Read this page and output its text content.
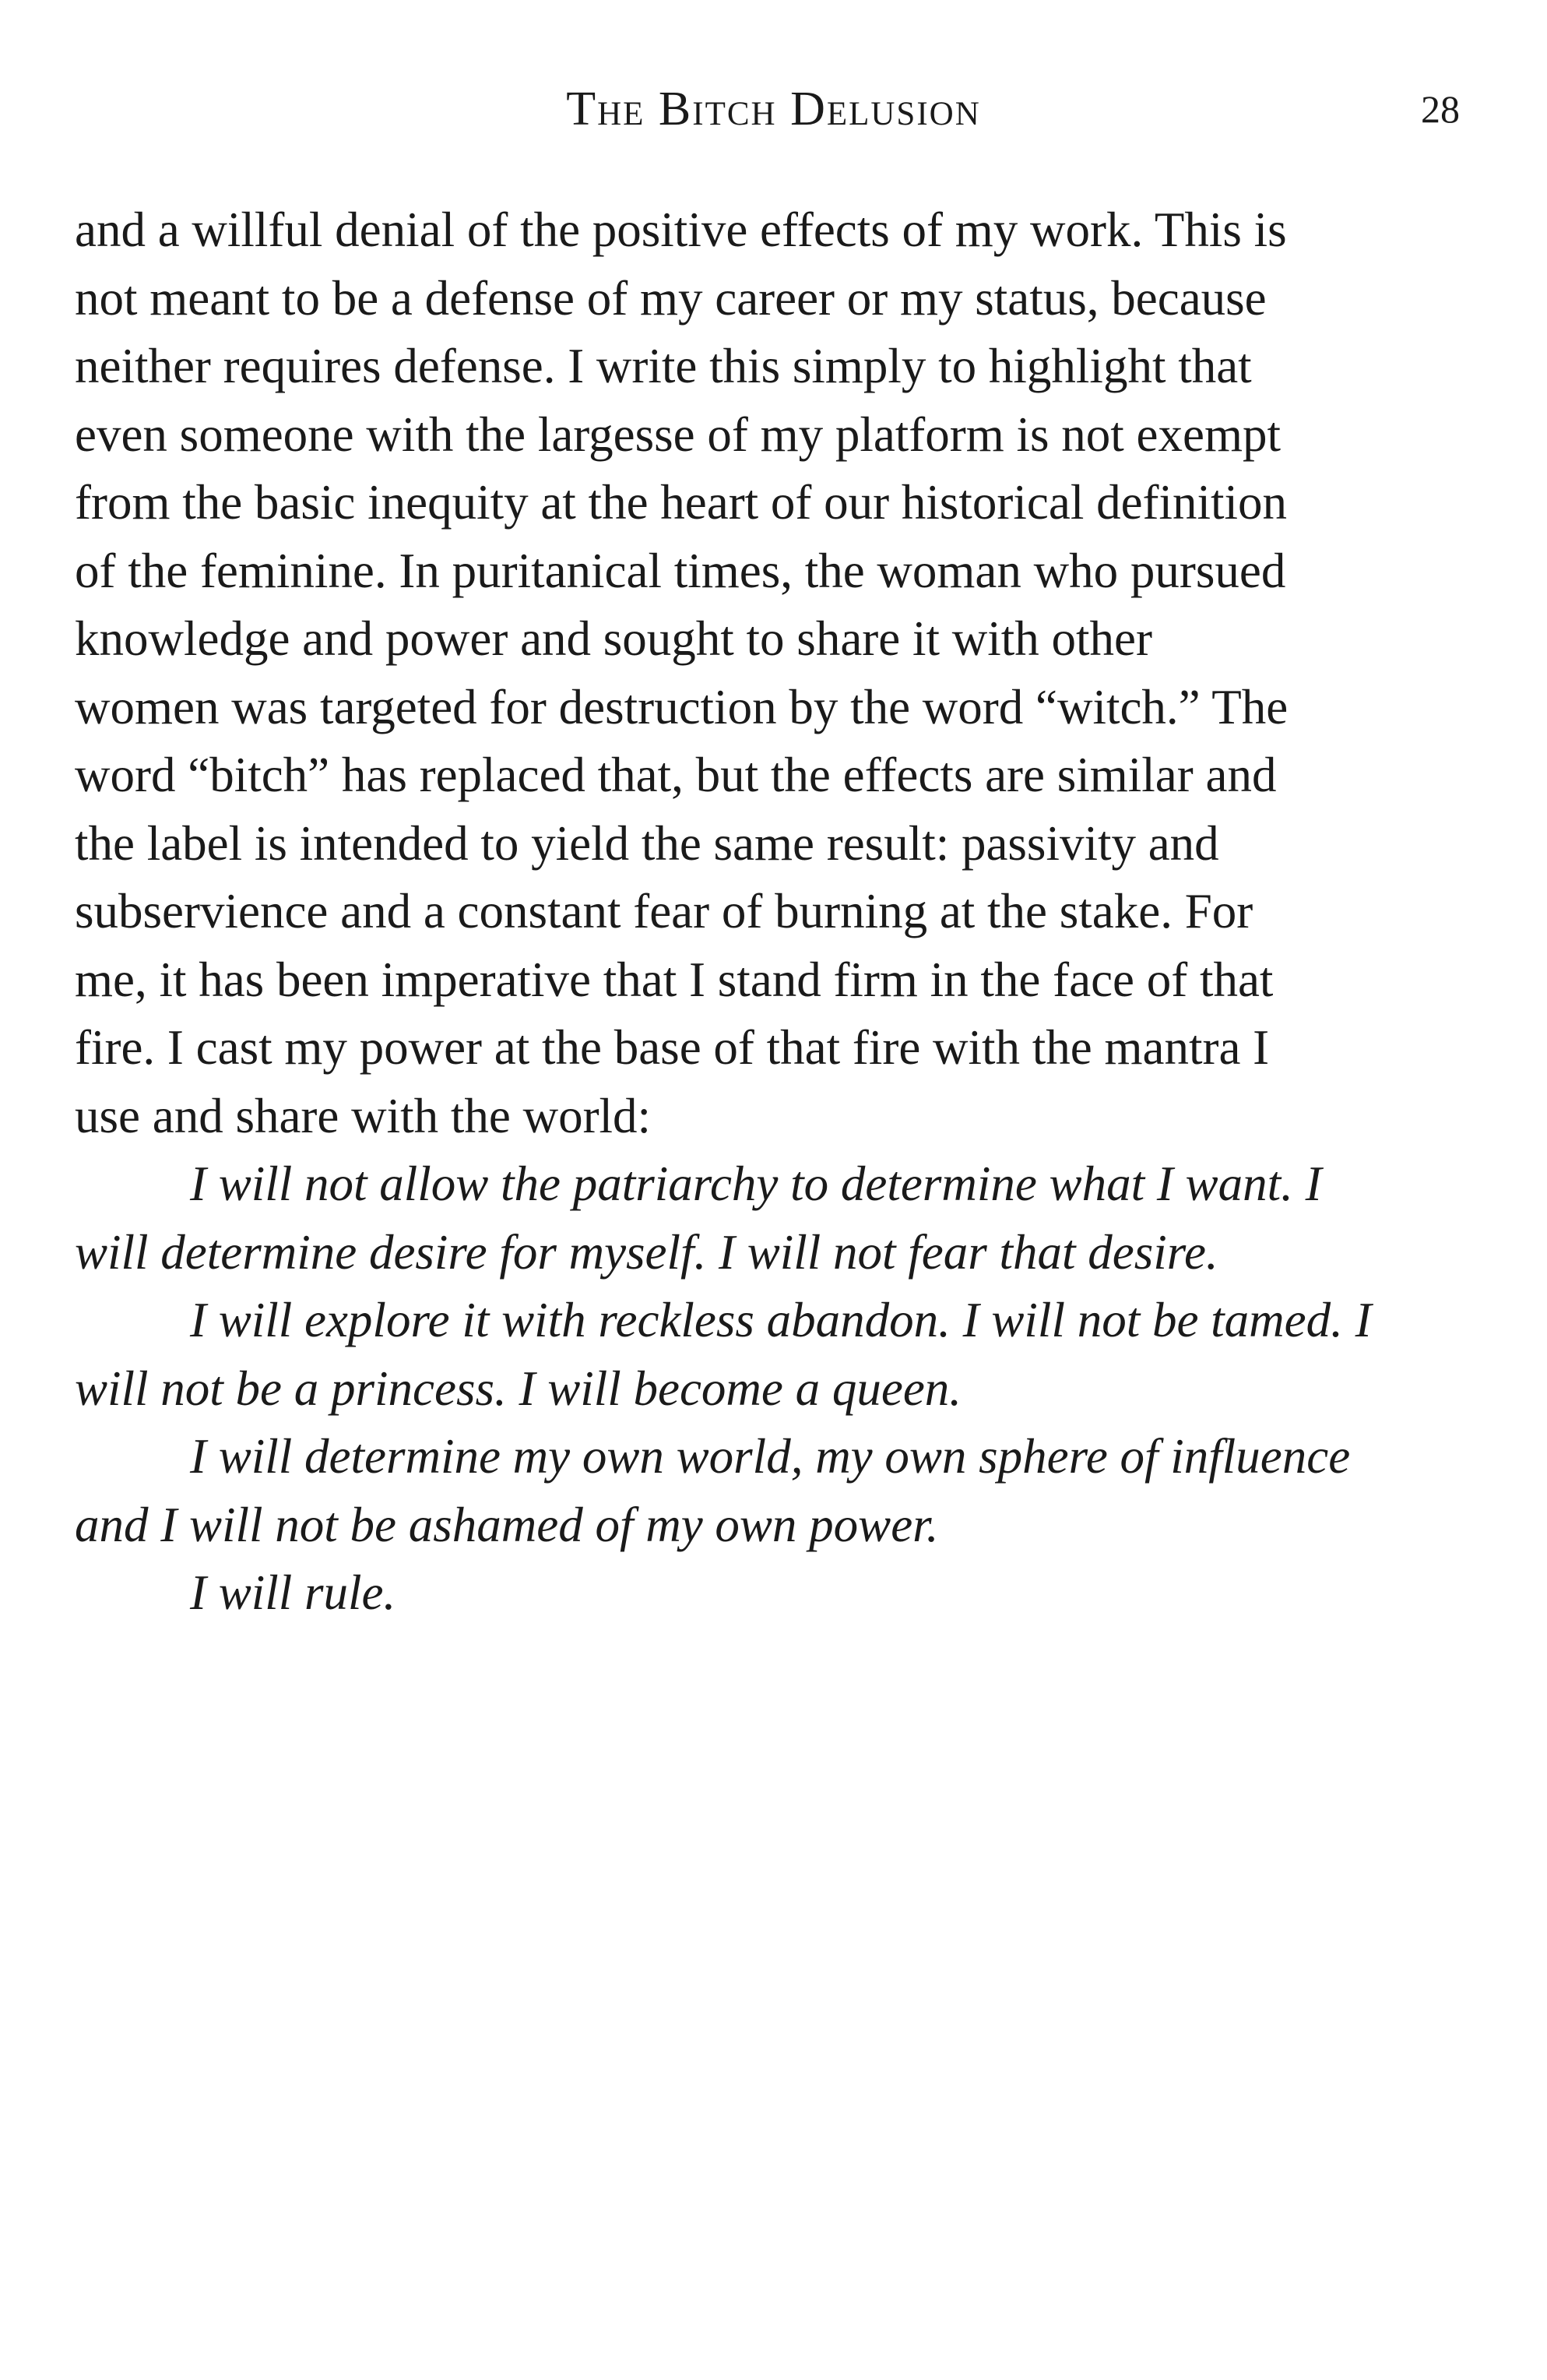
The Bitch Delusion	28

and a willful denial of the positive effects of my work. This is
not meant to be a defense of my career or my status, because
neither requires defense. I write this simply to highlight that
even someone with the largesse of my platform is not exempt
from the basic inequity at the heart of our historical definition
of the feminine. In puritanical times, the woman who pursued
knowledge and power and sought to share it with other
women was targeted for destruction by the word “witch.” The
word “bitch” has replaced that, but the effects are similar and
the label is intended to yield the same result: passivity and
subservience and a constant fear of burning at the stake. For
me, it has been imperative that I stand firm in the face of that
fire. I cast my power at the base of that fire with the mantra I
use and share with the world:

I will not allow the patriarchy to determine what I want. I
will determine desire for myself. I will not fear that desire.

I will explore it with reckless abandon. I will not be tamed. I
will not be a princess. I will become a queen.

I will determine my own world, my own sphere of influence
and I will not be ashamed of my own power.

I will rule.
